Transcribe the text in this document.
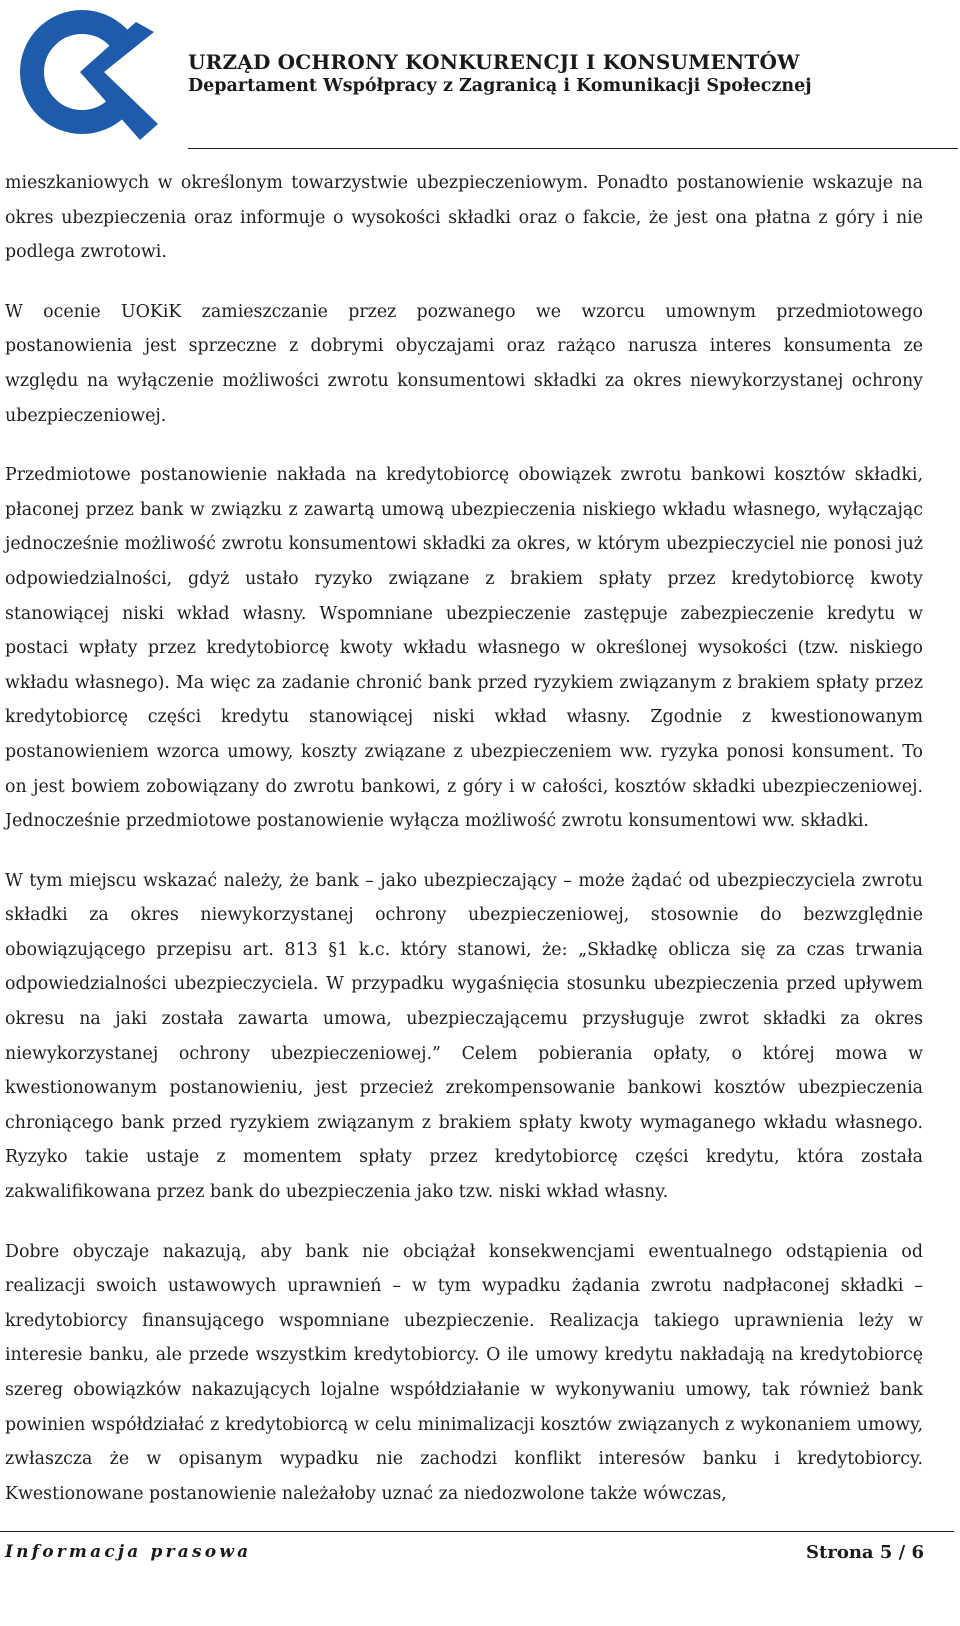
URZĄD OCHRONY KONKURENCJI I KONSUMENTÓW
Departament Współpracy z Zagranicą i Komunikacji Społecznej

mieszkaniowych w określonym towarzystwie ubezpieczeniowym. Ponadto postanowienie wskazuje na okres ubezpieczenia oraz informuje o wysokości składki oraz o fakcie, że jest ona płatna z góry i nie podlega zwrotowi.

W ocenie UOKiK zamieszczanie przez pozwanego we wzorcu umownym przedmiotowego postanowienia jest sprzeczne z dobrymi obyczajami oraz rażąco narusza interes konsumenta ze względu na wyłączenie możliwości zwrotu konsumentowi składki za okres niewykorzystanej ochrony ubezpieczeniowej.

Przedmiotowe postanowienie nakłada na kredytobiorcę obowiązek zwrotu bankowi kosztów składki, płaconej przez bank w związku z zawartą umową ubezpieczenia niskiego wkładu własnego, wyłączając jednocześnie możliwość zwrotu konsumentowi składki za okres, w którym ubezpieczyciel nie ponosi już odpowiedzialności, gdyż ustało ryzyko związane z brakiem spłaty przez kredytobiorcę kwoty stanowiącej niski wkład własny. Wspomniane ubezpieczenie zastępuje zabezpieczenie kredytu w postaci wpłaty przez kredytobiorcę kwoty wkładu własnego w określonej wysokości (tzw. niskiego wkładu własnego). Ma więc za zadanie chronić bank przed ryzykiem związanym z brakiem spłaty przez kredytobiorcę części kredytu stanowiącej niski wkład własny. Zgodnie z kwestionowanym postanowieniem wzorca umowy, koszty związane z ubezpieczeniem ww. ryzyka ponosi konsument. To on jest bowiem zobowiązany do zwrotu bankowi, z góry i w całości, kosztów składki ubezpieczeniowej. Jednocześnie przedmiotowe postanowienie wyłącza możliwość zwrotu konsumentowi ww. składki.

W tym miejscu wskazać należy, że bank – jako ubezpieczający – może żądać od ubezpieczyciela zwrotu składki za okres niewykorzystanej ochrony ubezpieczeniowej, stosownie do bezwzględnie obowiązującego przepisu art. 813 §1 k.c. który stanowi, że: „Składkę oblicza się za czas trwania odpowiedzialności ubezpieczyciela. W przypadku wygaśnięcia stosunku ubezpieczenia przed upływem okresu na jaki została zawarta umowa, ubezpieczającemu przysługuje zwrot składki za okres niewykorzystanej ochrony ubezpieczeniowej.” Celem pobierania opłaty, o której mowa w kwestionowanym postanowieniu, jest przecież zrekompensowanie bankowi kosztów ubezpieczenia chroniącego bank przed ryzykiem związanym z brakiem spłaty kwoty wymaganego wkładu własnego. Ryzyko takie ustaje z momentem spłaty przez kredytobiorcę części kredytu, która została zakwalifikowana przez bank do ubezpieczenia jako tzw. niski wkład własny.

Dobre obyczaje nakazują, aby bank nie obciążał konsekwencjami ewentualnego odstąpienia od realizacji swoich ustawowych uprawnień – w tym wypadku żądania zwrotu nadpłaconej składki – kredytobiorcy finansującego wspomniane ubezpieczenie. Realizacja takiego uprawnienia leży w interesie banku, ale przede wszystkim kredytobiorcy. O ile umowy kredytu nakładają na kredytobiorcę szereg obowiązków nakazujących lojalne współdziałanie w wykonywaniu umowy, tak również bank powinien współdziałać z kredytobiorcą w celu minimalizacji kosztów związanych z wykonaniem umowy, zwłaszcza że w opisanym wypadku nie zachodzi konflikt interesów banku i kredytobiorcy. Kwestionowane postanowienie należałoby uznać za niedozwolone także wówczas,

Informacja prasowa	Strona 5 / 6
